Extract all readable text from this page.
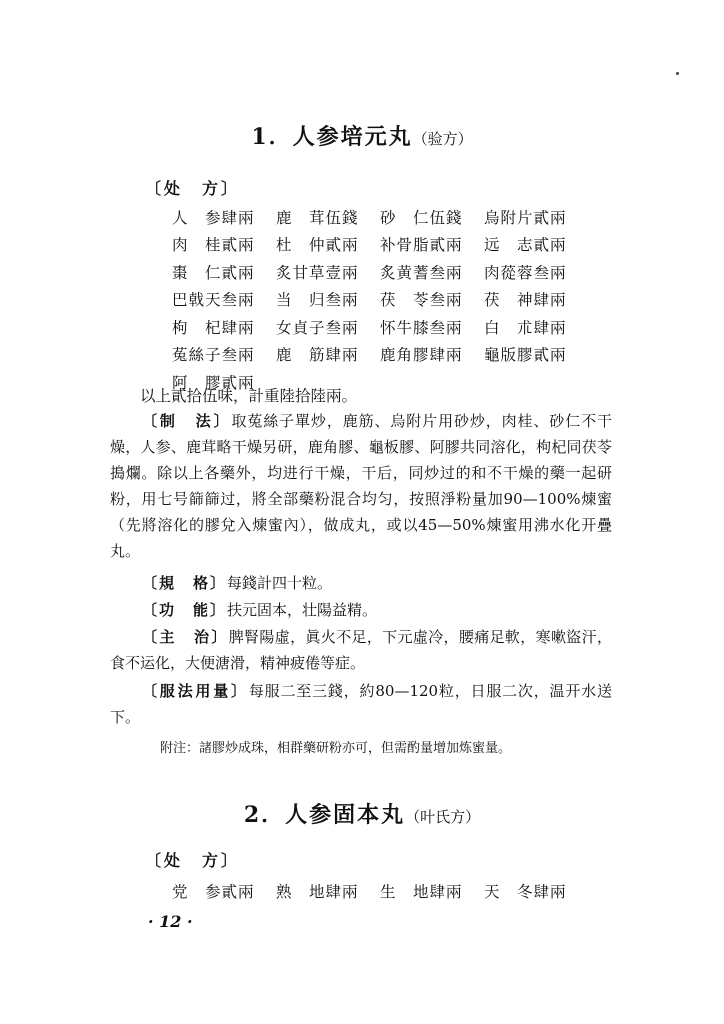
1．人参培元丸（验方）
〔处　方〕
人　参肆兩	鹿　茸伍錢	砂　仁伍錢	烏附片貳兩
肉　桂貳兩	杜　仲貳兩	补骨脂貳兩	远　志貳兩
棗　仁貳兩	炙甘草壹兩	炙黄蓍叁兩	肉蓯蓉叁兩
巴戟天叁兩	当　归叁兩	茯　苓叁兩	茯　神肆兩
枸　杞肆兩	女貞子叁兩	怀牛膝叁兩	白　朮肆兩
菟絲子叁兩	鹿　筋肆兩	鹿角膠肆兩	龜版膠貳兩
阿　膠貳兩
以上貳拾伍味，計重陸拾陸兩。
〔制　法〕取菟絲子單炒，鹿筋、烏附片用砂炒，肉桂、砂仁不干燥，人参、鹿茸略干燥另研，鹿角膠、龜板膠、阿膠共同溶化，枸杞同茯苓搗爛。除以上各藥外，均进行干燥，干后，同炒过的和不干燥的藥一起研粉，用七号篩篩过，將全部藥粉混合均匀，按照淨粉量加90—100%煉蜜（先將溶化的膠兌入煉蜜內），做成丸，或以45—50%煉蜜用沸水化开疊丸。
〔規　格〕每錢計四十粒。
〔功　能〕扶元固本，壮陽益精。
〔主　治〕脾腎陽虛，眞火不足，下元虛冷，腰痛足軟，寒嗽盜汗，食不运化，大便溏滑，精神疲倦等症。
〔服法用量〕每服二至三錢，約80—120粒，日服二次，温开水送下。
附注：諸膠炒成珠，相群藥研粉亦可，但需酌量增加炼蜜量。
2．人参固本丸（叶氏方）
〔处　方〕
党　参貳兩	熟　地肆兩	生　地肆兩	天　冬肆兩
· 12 ·
